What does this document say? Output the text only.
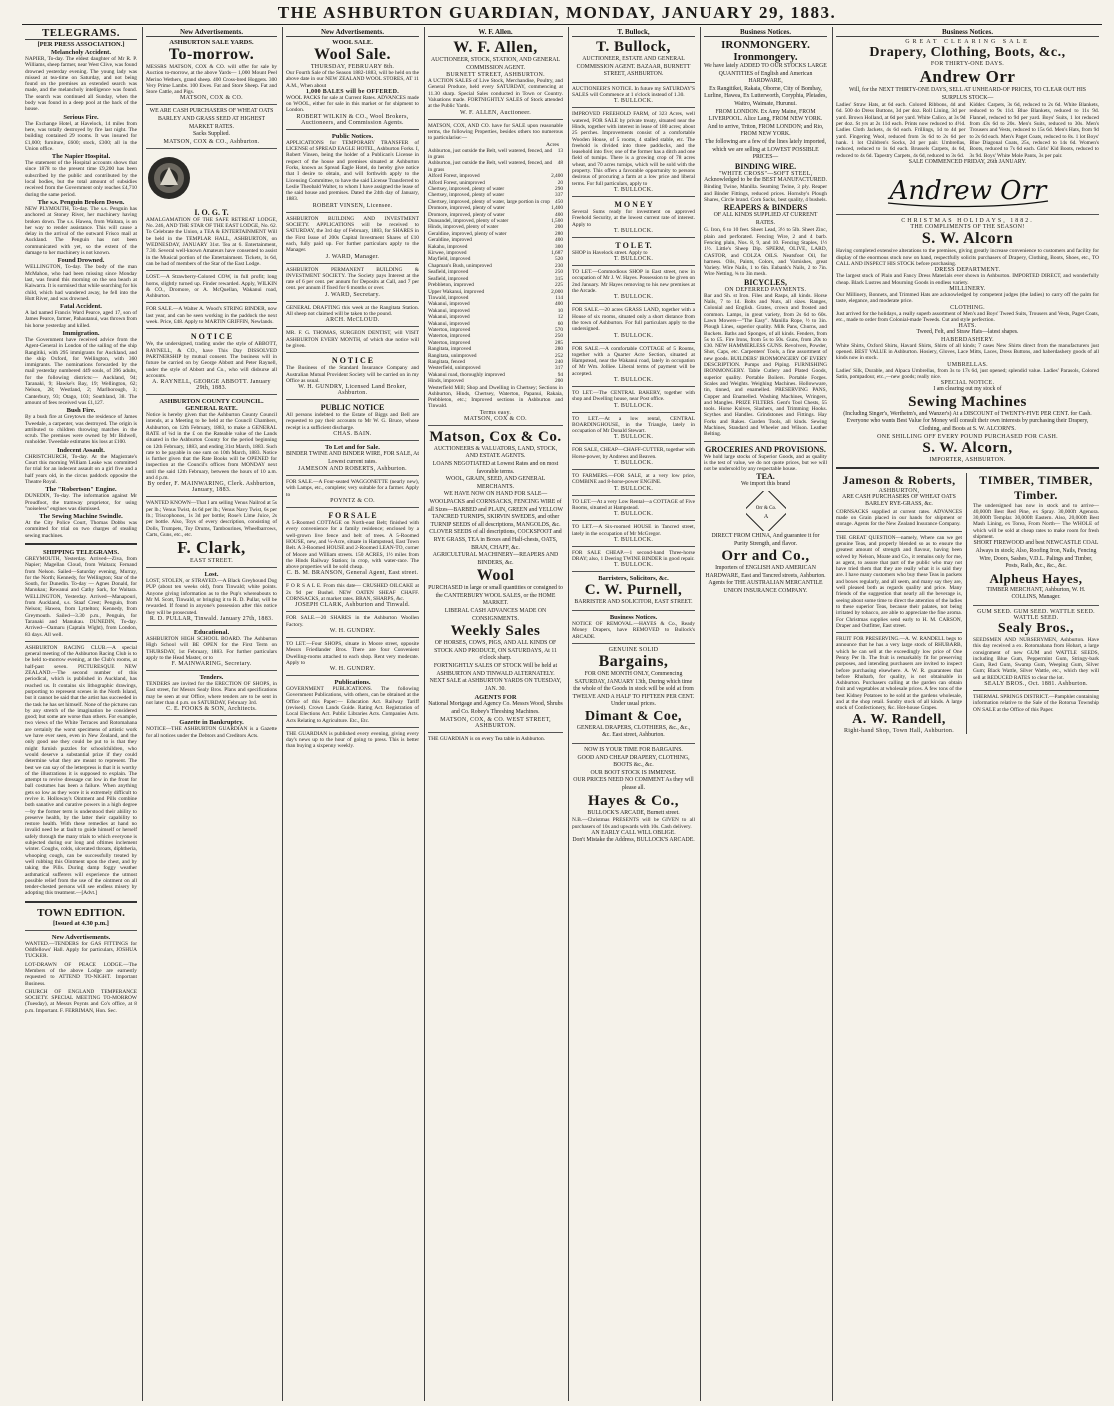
THE ASHBURTON GUARDIAN, MONDAY, JANUARY 29, 1883.
TELEGRAMS.
[PER PRESS ASSOCIATION.]
Melancholy Accident.
NAPIER, To-day. The eldest daughter of Mr R. P. Williams, sheep farmer, near West Clive, was found drowned yesterday evening. The young lady was missed at tea-time on Saturday, and not being found on the premises an extended search was made, and the melancholy intelligence was found. The search was continued all Sunday, when the body was found in a deep pool at the back of the house.
Serious Fire.
The Exchange Hotel, at Havelock, 14 miles from here, was totally destroyed by fire last night. The building contained 29 rooms. It was insured for £1,000; furniture, £600; stock, £300; all in the Union office.
The Napier Hospital.
The statement of the Hospital accounts shows that since 1878 to the present time £9,200 has been subscribed by the public and contributed by the local bodies, but the total amount of subsidies received from the Government only reaches £4,710 during the same period.
The s.s. Penguin Broken Down.
NEW PLYMOUTH, To-day. The s.s. Penguin has anchored at Stoney River, her machinery having broken down. The s.s. Hawea, from Waitara, is on her way to render assistance. This will cause a delay in the arrival of the outward Frisco mail at Auckland. The Penguin has not been communicated with yet, so the extent of the damage to her machinery is not known.
Found Drowned.
WELLINGTON, To-day. The body of the man McMahon, who had been missing since Monday last, was found this morning on the sea beach at Kaiwarra. It is surmised that while searching for his child, which had wandered away, he fell into the Hutt River, and was drowned.
Fatal Accident.
A lad named Francis Ward Pearce, aged 17, son of James Pearce, farmer, Pahautanui, was thrown from his horse yesterday and killed.
Immigration.
The Government have received advice from the Agent-General in London of the sailing of the ship Rangitiki, with 295 immigrants for Auckland, and the ship Oxford, for Wellington, with 360 immigrants. The nominations forwarded by the mail yesterday numbered 449 souls, of 396 adults, for the following districts:— Auckland, 94; Taranaki, 9; Hawke's Bay, 19; Wellington, 62; Nelson, 28; Westland, 2; Marlborough, 3; Canterbury, 93; Otago, 103; Southland, 38. The amount of fees received was £1,127.
Bush Fire.
By a bush fire at Greytown the residence of James Tweedale, a carpenter, was destroyed. The origin is attributed to children throwing matches in the scrub. The premises were owned by Mr Bidwell, runholder. Tweedale estimates his loss at £100.
Indecent Assault.
CHRISTCHURCH, To-day. At the Magistrate's Court this morning William Leake was committed for trial for an indecent assault on a girl five and a half years old, in the circus paddock opposite the Theatre Royal.
The "Robertson" Engine.
DUNEDIN, To-day. The information against Mr Proudfoot, the tramway proprietor, for using "noiseless" engines was dismissed.
The Sewing Machine Swindle.
At the City Police Court, Thomas Dobbs was committed for trial on two charges of stealing sewing machines.
SHIPPING TELEGRAMS.
GREYMOUTH, Yesterday. Arrived—Ziva, from Napier; Magellan Cloud, from Waitara; Fernand from Nelson. Sailed—Saturday evening, Murray, for the North; Kennedy, for Wellington; Star of the South, for Dunedin. To-day — Agnes Donald, for Manukau; Rewanui and Cathy Sark, for Waitara. WELLINGTON, Yesterday. Arrived—Manapouri, from Auckland, s.s. Staaf Crest; Penguin, from Nelson; Hawea, from Lyttelton; Kennedy, from Greymouth. Sailed—3.30 p.m., Penguin, for Taranaki and Manukau. DUNEDIN, To-day. Arrived—Oamaru (Captain Wight), from London, 83 days. All well.
ASHBURTON RACING CLUB.—A special general meeting of the Ashburton Racing Club is to be held to-morrow evening, at the Club's rooms, at half-past seven. PICTURESQUE NEW ZEALAND.—The second number of this periodical, which is published in Auckland, has reached us. It contains six lithographic drawings, purporting to represent scenes in the North Island, but it cannot be said that the artist has succeeded in the task he has set himself. None of the pictures can by any stretch of the imagination be considered good; but some are worse than others. For example, two views of the White Terraces and Rotomahana are certainly the worst specimens of artistic work we have ever seen, even in New Zealand, and the only good use they could be put to is that they might furnish puzzles for schoolchildren, who would deserve a substantial prize if they could determine what they are meant to represent. The best we can say of the letterpress is that it is worthy of the illustrations it is supposed to explain. The attempt to revive dressage cut low in the front for ball costumes has been a failure. When anything gets so low as they wore it is extremely difficult to revive it. Holloway's Ointment and Pills combine both sanative and curative powers in a high degree—by the former term is understood their ability to preserve health, by the latter their capability to restore health. With these remedies at hand no invalid need be at fault to guide himself or herself safely through the many trials to which everyone is subjected during our long and oftimes inclement winter. Coughs, colds, ulcerated throats, diphtheria, whooping cough, can be successfully treated by well rubbing this Ointment upon the chest, and by taking the Pills. During damp foggy weather asthmatical sufferers will experience the utmost possible relief from the use of the ointment on all tender-chested persons will see endless misery by adopting this treatment.—[Advt.]
TOWN EDITION.
[Issued at 4.30 p.m.]
New Advertisements.
WANTED.—TENDERS for GAS FITTINGS for Oddfellows' Hall. Apply for particulars, JOSHUA TUCKER.
LOT-DRAWN OF PEACE LODGE.—The Members of the above Lodge are earnestly requested to ATTEND TO-NIGHT. Important Business.
CHURCH OF ENGLAND TEMPERANCE SOCIETY. SPECIAL MEETING TO-MORROW (Tuesday), at Messrs Poynts and Co's office, at 8 p.m. Important. F. FERRIMAN, Hon. Sec.
New Advertisements.
ASHBURTON SALE YARDS.
To-morrow.
MESSRS MATSON, COX & CO. will offer for sale by Auction to-morrow, at the above Yards— 1,000 Mount Peel Merino Wethers, grand sheep. 400 Cross-bred Hoggets. 300 Very Prime Lambs. 100 Ewes. Fat and Store Sheep. Fat and Store Cattle, and Pigs.
MATSON, COX & CO.
WE ARE CASH PURCHASERS OF WHEAT OATS BARLEY AND GRASS SEED AT HIGHEST MARKET RATES.
Sacks Supplied.
MATSON, COX & CO., Ashburton.
I. O. G. T.
AMALGAMATION OF THE SAFE RETREAT LODGE, No. 246, AND THE STAR OF THE EAST LODGE, No. 62. To Celebrate the Union, a TEA & ENTERTAINMENT Will be held in the TEMPLAR HALL, ASHBURTON, on WEDNESDAY, JANUARY 31st. Tea at 6. Entertainment, 7.30. Several well-known Amateurs have consented to assist in the Musical portion of the Entertainment. Tickets, 1s 6d, can be had of members of the Star of the East Lodge.
LOST.—A Strawberry-Colored COW, in full profit; long horns, slightly turned up. Finder rewarded. Apply, WILKIN & CO., Dromore, or A. McQuellan, Wakanui road, Ashburton.
FOR SALE.—A Walter A. Wood's STRING BINDER, now last year, and can be seen working in the paddock the next week. Price, £48. Apply to MARTIN GRIFFIN, Newlands.
N O T I C E
We, the undersigned, trading under the style of ABBOTT, RAYNELL, & CO., have This Day DISSOLVED PARTNERSHIP by mutual consent. The business will in future be carried on by George Abbott and Peter Raynell, under the style of Abbott and Co., who will disburse all accounts.
A. RAYNELL, GEORGE ABBOTT. January 29th, 1883.
ASHBURTON COUNTY COUNCIL. GENERAL RATE.
Notice is hereby given that the Ashburton County Council intends, at a Meeting to be held at the Council Chambers, Ashburton, on 12th February, 1883, to make a GENERAL RATE of ¼d in the £ on the Rateable value of the Lands situated in the Ashburton County for the period beginning on 12th February, 1883, and ending 31st March, 1883. Such rate to be payable in one sum on 10th March, 1883. Notice is further given that the Rate Books will be OPENED for inspection at the Council's offices from MONDAY next until the said 12th February, between the hours of 10 a.m. and 4 p.m.
By order, F. MAINWARING, Clerk. Ashburton, January, 1883.
WANTED KNOWN—That I am selling Venus Nailrod at 5s per lb.; Venus Twist, 4s 6d per lb.; Venus Navy Twist, 6s per lb.; Triscophonos, 1s 3d per bottle; Rose's Lime Juice, 2s per bottle. Also, Toys of every description, consisting of Dolls, Trumpets, Toy Drums, Tambourines, Wheelbarrows, Carts, Guns, etc., etc.
F. Clark,
EAST STREET.
Lost.
LOST, STOLEN, or STRAYED.—A Black Greyhound Dog PUP (about ten weeks old), from Tinwald; white points. Anyone giving information as to the Pup's whereabouts to Mr M. Scott, Tinwald, or bringing it to R. D. Pullar, will be rewarded. If found in anyone's possession after this notice they will be prosecuted.
R. D. PULLAR, Tinwald. January 27th, 1883.
Educational.
ASHBURTON HIGH SCHOOL BOARD. The Ashburton High School will BE OPEN for the First Term on THURSDAY, 1st February, 1883. For further particulars apply to the Head Master, or to
F. MAINWARING, Secretary.
Tenders.
TENDERS are invited for the ERECTION OF SHOPS, in East street, for Messrs Sealy Bros. Plans and specifications may be seen at our Office, where tenders are to be sent in not later than 4 p.m. on SATURDAY, February 3rd.
C. E. FOOKS & SON, Architects.
Gazette in Bankruptcy.
NOTICE—THE ASHBURTON GUARDIAN is a Gazette for all notices under the Debtors and Creditors Acts.
New Advertisements.
WOOL SALE.
Wool Sale.
THURSDAY, FEBRUARY 8th.
Our Fourth Sale of the Season 1882-1883, will be held on the above date in our NEW ZEALAND WOOL STORES, AT 11 A.M., When about
1,000 BALES will be OFFERED.
WOOL PACKS for sale at Current Rates. ADVANCES made on WOOL, either for sale in this market or for shipment to London.
ROBERT WILKIN & CO., Wool Brokers, Auctioneers, and Commission Agents.
Public Notices.
APPLICATIONS for TEMPORARY TRANSFER of LICENSE of SPREAD EAGLE HOTEL, Ashburton Forks. I, Robert Vinsen, being the holder of a Publican's License in respect of the house and premises situated at Ashburton Forks, known as Spread Eagle Hotel, do hereby give notice that I desire to obtain, and will forthwith apply to the Licensing Committee, to have the said License Transferred to Leslie Theobald Walter, to whom I have assigned the lease of the said house and premises. Dated the 24th day of January, 1883.
ROBERT VINSEN, Licensee.
ASHBURTON BUILDING AND INVESTMENT SOCIETY. APPLICATIONS will be received to SATURDAY, the 3rd day of February, 1883, for SHARES in the First Issue of 200s Capital Investment Shares of £10 each, fully paid up. For further particulars apply to the Manager.
J. WARD, Manager.
ASHBURTON PERMANENT BUILDING & INVESTMENT SOCIETY. The Society pays Interest at the rate of 6 per cent. per annum for Deposits at Call, and 7 per cent. per annum if fixed for 6 months or over.
J. WARD, Secretary.
GENERAL DRAFTING this week at the Rangitata Station. All sheep not claimed will be taken to the pound.
ARCH. McCLOUD.
MR. F. G. THOMAS, SURGEON DENTIST, will VISIT ASHBURTON EVERY MONTH, of which due notice will be given.
N O T I C E
The Business of the Standard Insurance Company and Australian Mutual Provident Society will be carried on in my Office as usual.
W. H. GUNDRY, Licensed Land Broker, Ashburton.
PUBLIC NOTICE
All persons indebted to the Estate of Biggs and Bell are requested to pay their accounts to Mr W. G. Bruce, whose receipt is a sufficient discharge.
CHAS. BAIN.
To Let and for Sale.
BINDER TWINE AND BINDER WIRE, FOR SALE, At Lowest current rates.
JAMESON AND ROBERTS, Ashburton.
FOR SALE.—A Four-seated WAGGONETTE (nearly new), with Lamps, etc., complete; very suitable for a farmer. Apply to
POYNTZ & CO.
F O R S A L E
A 5-Roomed COTTAGE on North-east Belt; finished with every convenience for a family residence; enclosed by a well-grown live fence and belt of trees. A 5-Roomed HOUSE, new, and ¼-Acre, situate in Hampstead, East Town Belt. A 3-Roomed HOUSE and 2-Roomed LEAN-TO, corner of Moore and William streets. 150 ACRES, 1½ miles from the Hinds Railway Station; in crop, with water-race. The above properties will be sold cheap.
C. B. M. BRANSON, General Agent, East street.
F O R S A L E. From this date— CRUSHED OILCAKE at 2s 9d per Bushel. NEW OATEN SHEAF CHAFF. CORNSACKS, at market rates. BRAN, SHARPS, &c.
JOSEPH CLARK, Ashburton and Tinwald.
FOR SALE.—20 SHARES in the Ashburton Woollen Factory.
W. H. GUNDRY.
TO LET.—Four SHOPS, situate in Moore street, opposite Messrs Friedlander Bros. There are four Convenient Dwelling-rooms attached to each shop. Rent very moderate. Apply to
W. H. GUNDRY.
Publications.
GOVERNMENT PUBLICATIONS. The following Government Publications, with others, can be obtained at the Office of this Paper:— Education Act. Railway Tariff (revised). Crown Lands Guide. Rating Act. Registration of Local Elections Act. Public Libraries Acts. Companies Acts. Acts Relating to Agriculture. Etc., Etc.
THE GUARDIAN is published every evening, giving every day's news up to the hour of going to press. This is better than buying a sixpenny weekly.
W. F. Allen.
W. F. Allen,
AUCTIONEER, STOCK, STATION, AND GENERAL COMMISSION AGENT.
BURNETT STREET, ASHBURTON.
A UCTION SALES of Live Stock, Merchandise, Poultry, and General Produce, held every SATURDAY, commencing at 11.30 sharp. Special Sales conducted in Town or Country. Valuations made. FORTNIGHTLY SALES of Stock attended at the Public Yards.
W. F. ALLEN, Auctioneer.
MATSON, COX, AND CO. have for SALE upon reasonable terms, the following Properties, besides others too numerous to particularise:—
Acres
Ashburton, just outside the Belt, well watered, fenced, and in grass
13
Ashburton, just outside the Belt, well watered, fenced, and in grass
48
Alford Forest, improved	2,400
Alford Forest, unimproved	20
Chertsey, improved, plenty of water	290
Chertsey, improved, plenty of water	337
Chertsey, improved, plenty of water, large portion in crop 450
Dromore, improved, plenty of water	1,400
Dromore, improved, plenty of water	400
Dunsandel, improved, plenty of water	1,500
Hinds, improved, plenty of water	200
Geraldine, improved, plenty of water	280
Geraldine, improved	400
Kakahu, improved	300
Kirwee, improved	1,687
Mayfield, improved	520
Chapman's Bush, unimproved	230
Seafield, improved	250
Seafield, improved	315
Prebbleton, improved	225
Upper Wakanui, improved	2,000
Tinwald, improved	114
Wakanui, improved	400
Wakanui, improved	10
Wakanui, improved	12
Wakanui, improved	60
Waterton, improved	570
Waterton, improved	250
Waterton, improved	285
Rangitata, improved	280
Rangitata, unimproved	252
Rangitata, fenced	240
Westerfield, unimproved	317
Wakanui road, thoroughly improved	94
Hinds, improved	200
Westerfield Mill; Shop and Dwelling in Chertsey; Sections in Ashburton, Hinds, Chertsey, Waterton, Papanui, Rakaia, Prebbleton, etc.; Improved sections in Ashburton and Tinwald.
Terms easy.
MATSON, COX & CO.
Matson, Cox & Co.
AUCTIONEERS & VALUATORS, LAND, STOCK, AND ESTATE AGENTS.
LOANS NEGOTIATED at Lowest Rates and on most favorable terms.
WOOL, GRAIN, SEED, AND GENERAL MERCHANTS.
WE HAVE NOW ON HAND FOR SALE— WOOLPACKS and CORNSACKS, FENCING WIRE of all Sizes—BARBED and PLAIN, GREEN and YELLOW TANCRED TURNIPS, SKIRVIN SWEDES, and other TURNIP SEEDS of all descriptions, MANGOLDS, &c. CLOVER SEEDS of all descriptions, COCKSFOOT and RYE GRASS, TEA in Boxes and Half-chests, OATS, BRAN, CHAFF, &c.
AGRICULTURAL MACHINERY—REAPERS AND BINDERS, &c.
Wool
PURCHASED in large or small quantities or consigned to the CANTERBURY WOOL SALES, or the HOME MARKET.
LIBERAL CASH ADVANCES MADE ON CONSIGNMENTS.
Weekly Sales
OF HORSES, COWS, PIGS, AND ALL KINDS OF STOCK AND PRODUCE, ON SATURDAYS, At 11 o'clock sharp.
FORTNIGHTLY SALES OF STOCK Will be held at ASHBURTON AND TINWALD ALTERNATELY.
NEXT SALE at ASHBURTON YARDS ON TUESDAY, JAN. 30.
AGENTS FOR
National Mortgage and Agency Co. Messrs Wood, Shrubs and Co. Robey's Threshing Machines.
MATSON, COX, & CO. WEST STREET, ASHBURTON.
THE GUARDIAN is on every Tea table in Ashburton.
T. Bullock,
T. Bullock,
AUCTIONEER, ESTATE AND GENERAL COMMISSION AGENT. BAZAAR, BURNETT STREET, ASHBURTON.
AUCTIONEER'S NOTICE. In future my SATURDAY'S SALES will Commence at 1 o'clock instead of 1.30.
T. BULLOCK.
IMPROVED FREEHOLD FARM, of 323 Acres, well watered, FOR SALE by private treaty, situated near the Hinds, together with interest in lease of 180 acres; about 25 perches. Improvements consist of a comfortable Wooden House, of 5 rooms, 4 stalled stable, etc. The freehold is divided into three paddocks, and the leasehold into five; one of the former has a ditch and one field of turnips. There is a growing crop of 78 acres wheat, and 70 acres turnips, which will be sold with the property. This offers a favorable opportunity to persons desirous of procuring a farm at a low price and liberal terms. For full particulars, apply to
T. BULLOCK.
M O N E Y
Several Sums ready for investment on approved Freehold Security, at the lowest current rate of interest. Apply to
T. BULLOCK.
T O L E T.
SHOP in Havelock street. Apply to
T. BULLOCK.
TO LET.—Commodious SHOP in East street, now in occupation of Mr J. W. Hayes. Possession to be given on 2nd January. Mr Hayes removing to his new premises at the Arcade.
T. BULLOCK.
FOR SALE.—20 acres GRASS LAND, together with a House of six rooms, situated only a short distance from the town of Ashburton. For full particulars apply to the undersigned.
T. BULLOCK.
FOR SALE.—A comfortable COTTAGE of 5 Rooms, together with a Quarter Acre Section, situated at Hampstead, near the Wakanui road, lately in occupation of Mr Wm. Jolliee. Liberal terms of payment will be accepted.
T. BULLOCK.
TO LET.—The CENTRAL BAKERY, together with shop and Dwelling house, near Post office.
T. BULLOCK.
TO LET.—At a low rental, CENTRAL BOARDINGHOUSE, in the Triangle, lately in occupation of Mr Donald Stewart.
T. BULLOCK.
FOR SALE, CHEAP—CHAFF-CUTTER, together with Horse-power, by Andrews and Beaven.
T. BULLOCK.
TO FARMERS.—FOR SALE, at a very low price, COMBINE and 8-horse-power ENGINE.
T. BULLOCK.
TO LET.—At a very Low Rental—a COTTAGE of Five Rooms, situated at Hampstead.
T. BULLOCK.
TO LET.—A Six-roomed HOUSE in Tancred street, lately in the occupation of Mr McGregor.
T. BULLOCK.
FOR SALE CHEAP.—1 second-hand Three-horse DRAY; also, 1 Deering TWINE BINDER in good repair.
T. BULLOCK.
Barristers, Solicitors, &c.
C. W. Purnell,
BARRISTER AND SOLICITOR, EAST STREET.
Business Notices.
NOTICE OF REMOVAL.—HAYES & Co., Ready Money Drapers, have REMOVED to Bullock's ARCADE.
GENUINE SOLID
Bargains,
FOR ONE MONTH ONLY, Commencing SATURDAY, JANUARY 13th, During which time the whole of the Goods in stock will be sold at from TWELVE AND A HALF TO FIFTEEN PER CENT. Under usual prices.
Dimant & Coe,
GENERAL DRAPERS, CLOTHIERS, &c., &c., &c. East street, Ashburton.
NOW IS YOUR TIME FOR BARGAINS.
GOOD AND CHEAP DRAPERY, CLOTHING, BOOTS &c., &c.
OUR BOOT STOCK IS IMMENSE.
OUR PRICES NEED NO COMMENT As they will please all.
Hayes & Co.,
BULLOCK'S ARCADE, Burnett street.
N.B.—Christmas PRESENTS will be GIVEN to all purchasers of 10s and upwards with 10s. Cash delivery.
AN EARLY CALL WILL OBLIGE.
Don't Mistake the Address, BULLOCK'S ARCADE.
Business Notices.
IRONMONGERY. Ironmongery.
We have lately ADDED TO OUR STOCKS LARGE QUANTITIES of English and American HARDWARE,
Ex Rangitikei, Rakaia, Oborne, City of Bombay, Lurline, Hawea, Ex Lutterworth, Coryphia, Pleiades, Waitro, Waimate, Hurunui.
FROM LONDON. Ex Amy Maine, FROM LIVERPOOL. Alice Lang, FROM NEW YORK. And to arrive, Triton, FROM LONDON; and Rio, FROM NEW YORK.
The following are a few of the lines lately imported, which we are selling at LOWEST POSSIBLE PRICES—
BINDING WIRE.
"WHITE CROSS"—SOFT STEEL,
Acknowledged to be the BEST MANUFACTURED.
Binding Twine, Manilla. Seaming Twine, 3 ply. Reaper and Binder Fittings, reduced prices. Hornsby's Plough Shares, Circle brand. Corn Sacks, best quality, 4 bushels.
REAPERS & BINDERS
OF ALL KINDS SUPPLIED AT CURRENT RATES.
G. Iron, 6 to 10 feet. Sheet Lead, 3½ to 5lb. Sheet Zinc, plain and perforated. Fencing Wire, 2 and 4 barb. Fencing plain, Nos. 8, 9, and 10. Fencing Staples, 1½ 1½. Little's Sheep Dip. SPERM, OLIVE, LARD, CASTOR, and COLZA OILS. Neatsfoot Oil, for harness. Oils, Paints, Colors, and Varnishes, great Variety. Wire Nails, 1 to 6in. Eubank's Nails, 2 to 7in. Wire Netting, ¾ to 3in mesh.
BICYCLES,
ON DEFERRED PAYMENTS.
Bar and Sh. st Iron. Files and Rasps, all kinds. Horse Nails, 7 to 14. Bolts and Nuts, all sizes. Ranges, Colonial and English. Grates, crown and frosted and common. Lamps, in great variety, from 2s 6d to 60s. Lawn Mowers—"The Easy". Manilla Rope, ½ to 3in. Plough Lines, superior quality. Milk Pans, Churns, and Buckets. Baths and Sponges, of all kinds. Fenders, from 5s to £5. Fire Irons, from 5s to 50s. Guns, from 20s to £30. NEW HAMMERLESS GUNS. Revolvers, Powder, Shot, Caps, etc. Carpenters' Tools, a fine assortment of new goods. BUILDERS' IRONMONGERY OF EVERY DESCRIPTION. Pumps and Piping. FURNISHING IRONMONGERY. Table Cutlery and Plated Goods, superior quality. Portable Boilers. Portable Forges. Scales and Weights. Weighing Machines. Hollowware, tin, tinned, and enamelled. PRESERVING PANS, Copper and Enamelled. Washing Machines, Wringers, and Mangles. PRIZE FILTERS. Gent's Tool Chests, 55 tools. Horse Knives, Slashers, and Trimming Hooks. Scythes and Handles. Grindstones and Fittings. Hay Forks and Rakes. Garden Tools, all kinds. Sewing Machines, Standard and Wheeler and Wilson. Leather Belting.
GROCERIES AND PROVISIONS.
We hold large stocks of Superior Goods, and as quality is the test of value, we do not quote prices, but we will not be undersold by any respectable house.
TEA.
We import this brand
Orr & Co.
A
DIRECT FROM CHINA, And guarantee it for Purity Strength, and flavor.
Orr and Co.,
Importers of ENGLISH AND AMERICAN HARDWARE, East and Tancred streets, Ashburton.
Agents for THE AUSTRALIAN MERCANTILE UNION INSURANCE COMPANY.
Business Notices.
GREAT CLEARING SALE
Drapery, Clothing, Boots, &c.,
FOR THIRTY-ONE DAYS.
Andrew Orr
Will, for the NEXT THIRTY-ONE DAYS, SELL AT UNHEARD-OF PRICES, TO CLEAR OUT HIS SURPLUS STOCK—
Ladies' Straw Hats, at 6d each. Colored Ribbons, 4d and 6d. 500 do Dress Buttons, 3d per doz. Roll Lining, 3d per yard. Brown Holland, at 6d per yard. White Calico, at 3s 9d per doz. St yrs at 2s 11d each. Prints now reduced to 4½d. Ladies Cloth Jackets, 4s 6d each. Frillings, 1d to 4d per yard. Fingering Wool, reduced from 3s 6d to 2s 6d per hank. 1 lot Children's Socks, 2d per pair. Umbrellas, reduced, reduced to 1s 6d each. Brussels Carpets, 4s 6d, reduced to 4s 6d. Tapestry Carpets, 4s 6d, reduced to 3s 6d.
Kidder. Carpets, 3s 6d, reduced to 2s 6d. White Blankets, reduced to 9s 11d. Blue Blankets, reduced to 11s 9d. Flannel, reduced to 9d per yard. Boys' Suits, 1 lot reduced from 43s 6d to 20s. Men's Suits, reduced to 30s. Men's Trousers and Vests, reduced to 15s 6d. Men's Hats, from 9d to 2s 6d each. Men's Paget Coats, reduced to 8s. 1 lot Boys' Blue Diagonal Coats, 25s, reduced to 14s 6d. Women's Boots, reduced to 7s 6d each. Girls' Kid Boots, reduced to 3s 9d. Boys' White Mole Pants, 3s per pair.
SALE COMMENCED FRIDAY, 26th JANUARY.
Andrew Orr
CHRISTMAS HOLIDAYS, 1882.
THE COMPLIMENTS OF THE SEASON!
S. W. Alcorn
Having completed extensive alterations to the premises, giving greatly increase convenience to customers and facility for display of the enormous stock now on hand, respectfully solicits purchasers of Drapery, Clothing, Boots, Shoes, etc., TO CALL AND INSPECT HIS STOCK before purchasing.
DRESS DEPARTMENT.
The largest stock of Plain and Fancy Dress Materials ever shown in Ashburton. IMPORTED DIRECT, and wonderfully cheap. Black Lustres and Mourning Goods in endless variety.
MILLINERY.
Our Millinery, Bonnets, and Trimmed Hats are acknowledged by competent judges (the ladies) to carry off the palm for taste, elegance, and moderate price.
CLOTHING.
Just arrived for the holidays, a really superb assortment of Men's and Boys' Tweed Suits, Trousers and Vests, Paget Coats, etc., made to order from Colonial-made Tweeds. Cut and style perfection.
HATS.
Tweed, Felt, and Straw Hats—latest shapes.
HABERDASHERY.
White Shirts, Oxford Shirts, Havard Shirts, Shirts of all kinds; 7 cases New Shirts direct from the manufacturers just opened. BEST VALUE in Ashburton. Hosiery, Gloves, Lace Mitts, Laces, Dress Buttons, and haberdashery goods of all kinds now in stock.
UMBRELLAS.
Ladies' Silk, Durable, and Alpaca Umbrellas, from 3s to 17s 6d, just opened; splendid value. Ladies' Parasols, Colored Satin, pompadour, etc.,—new goods; really nice.
SPECIAL NOTICE.
I am clearing out my stock of
Sewing Machines
(Including Singer's, Wertheim's, and Wanzer's) At a DISCOUNT of TWENTY-FIVE PER CENT. for Cash. Everyone who wants Best Value for Money will consult their own interests by purchasing their Drapery, Clothing, and Boots at S. W. ALCORN'S.
ONE SHILLING OFF EVERY POUND PURCHASED FOR CASH.
S. W. Alcorn,
IMPORTER, ASHBURTON.
Jameson & Roberts,
ASHBURTON,
ARE CASH PURCHASERS OF WHEAT OATS BARLEY RYE-GRASS, &c.
CORNSACKS supplied at current rates. ADVANCES made on Grain placed in our hands for shipment or storage. Agents for the New Zealand Insurance Company.
THE GREAT QUESTION—namely, Where can we get genuine Teas, and properly blended so as to ensure the greatest amount of strength and flavour, having been solved by Nelson, Moate and Co., it remains only for me, as agent, to assure that part of the public who may not have tried them that they are really what it is said they are. I have many customers who buy these Teas in packets and boxes regularly, and all seem, and many say they are, well pleased both as regards quality and price. Many friends of the suggestion that nearly all the beverage is, seeing about some time to direct the attention of the ladies to these superior Teas, because their palates, not being irritated by tobacco, are able to appreciate the fine aroma. For Christmas supplies send early to H. M. CARSON, Draper and Outfitter, East street.
FRUIT FOR PRESERVING.—A. W. RANDELL begs to announce that he has a very large stock of RHUBARB, which he can sell at the exceedingly low price of One Penny Per lb. The fruit is remarkably fit for preserving purposes, and intending purchasers are invited to inspect before purchasing elsewhere. A. W. R. guarantees that before Rhubarb, for quality, is not obtainable in Ashburton. Purchasers calling at the garden can obtain fruit and vegetables at wholesale prices. A few tons of the best Kidney Potatoes to be sold at the gardens wholesale, and at the shop retail. Sundry stock of all kinds. A large stock of Confectionery, &c. Hot-house Grapes.
A. W. Randell,
Right-hand Shop, Town Hall, Ashburton.
TIMBER, TIMBER, Timber.
The undersigned has now in stock and to arrive— 40,000ft Best Red Pine, ex Spray. 30,000ft Agenora. 30,000ft Templar. 30,000ft Eastern. Also, 20,000ft Best Mash Lining, ex Torea, From North— The WHOLE of which will be sold at cheap rates to make room for fresh shipment.
SHORT FIREWOOD and best NEWCASTLE COAL Always in stock; Also, Roofing Iron, Nails, Fencing Wire, Doors, Sashes, V.D.L. Palings and Timber, Posts, Rails, &c., &c., &c.
Alpheus Hayes,
TIMBER MERCHANT, Ashburton, W. H. COLLINS, Manager.
GUM SEED. GUM SEED. WATTLE SEED. WATTLE SEED.
Sealy Bros.,
SEEDSMEN AND NURSERYMEN, Ashburton. Have this day received a ex. Rotomahana from Hobart, a large consignment of new GUM and WATTLE SEEDS, including Blue Gum, Peppermint Gum, Stringy-bark Gum, Red Gum, Swamp Gum, Weeping Gum, Silver Gum; Black Wattle, Silver Wattle, etc., which they will sell at REDUCED RATES to clear the lot.
SEALY BROS., Oct. 1881. Ashburton.
THERMAL SPRINGS DISTRICT.—Pamphlet containing information relative to the Sale of the Rotorua Township ON SALE at the Office of this Paper.
